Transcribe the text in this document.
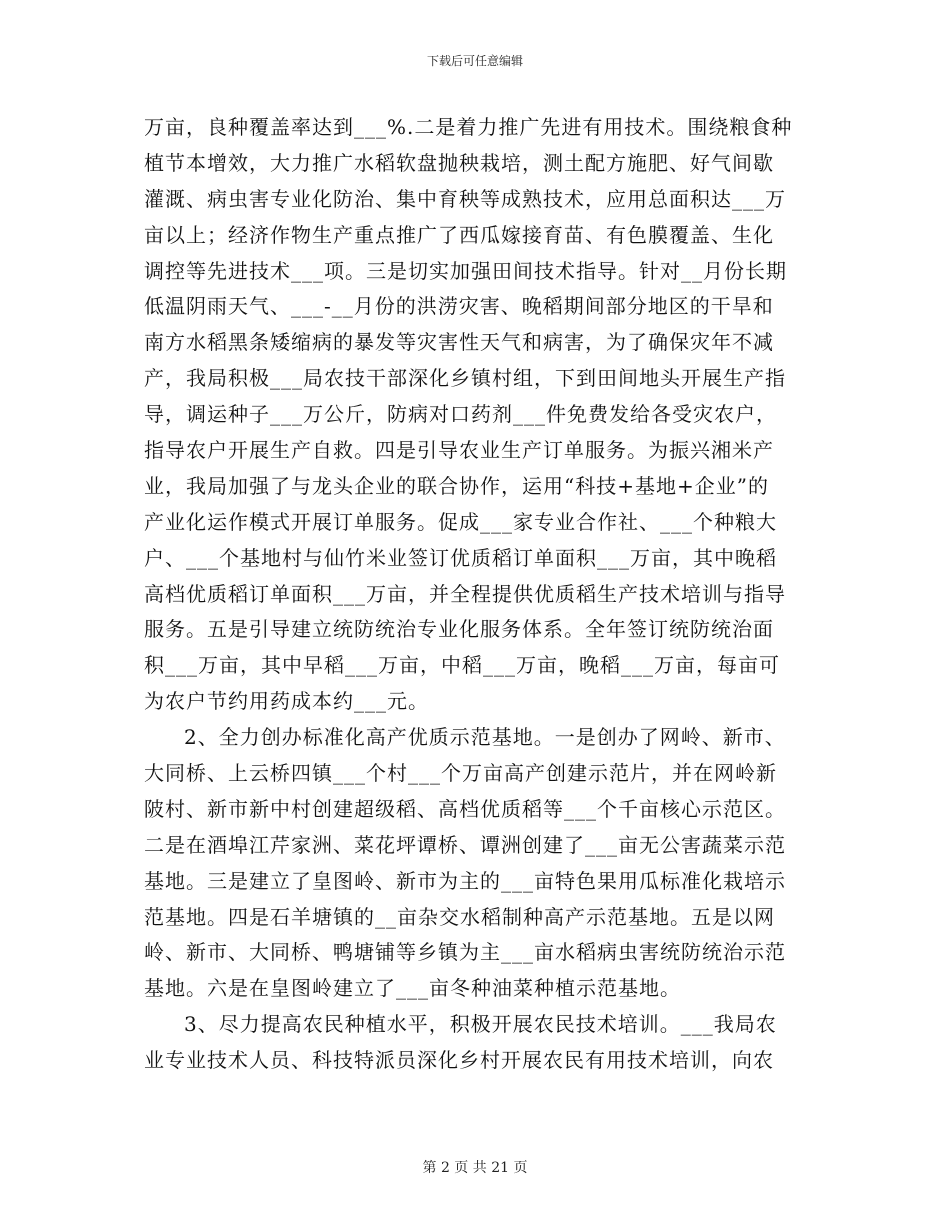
下载后可任意编辑
万亩，良种覆盖率达到___%.二是着力推广先进有用技术。围绕粮食种
植节本增效，大力推广水稻软盘抛秧栽培，测土配方施肥、好气间歇
灌溉、病虫害专业化防治、集中育秧等成熟技术，应用总面积达___万
亩以上；经济作物生产重点推广了西瓜嫁接育苗、有色膜覆盖、生化
调控等先进技术___项。三是切实加强田间技术指导。针对__月份长期
低温阴雨天气、___-__月份的洪涝灾害、晚稻期间部分地区的干旱和
南方水稻黑条矮缩病的暴发等灾害性天气和病害，为了确保灾年不减
产，我局积极___局农技干部深化乡镇村组，下到田间地头开展生产指
导，调运种子___万公斤，防病对口药剂___件免费发给各受灾农户，
指导农户开展生产自救。四是引导农业生产订单服务。为振兴湘米产
业，我局加强了与龙头企业的联合协作，运用“科技+基地+企业”的
产业化运作模式开展订单服务。促成___家专业合作社、___个种粮大
户、___个基地村与仙竹米业签订优质稻订单面积___万亩，其中晚稻
高档优质稻订单面积___万亩，并全程提供优质稻生产技术培训与指导
服务。五是引导建立统防统治专业化服务体系。全年签订统防统治面
积___万亩，其中早稻___万亩，中稻___万亩，晚稻___万亩，每亩可
为农户节约用药成本约___元。
2、全力创办标准化高产优质示范基地。一是创办了网岭、新市、
大同桥、上云桥四镇___个村___个万亩高产创建示范片，并在网岭新
陂村、新市新中村创建超级稻、高档优质稻等___个千亩核心示范区。
二是在酒埠江芹家洲、菜花坪谭桥、谭洲创建了___亩无公害蔬菜示范
基地。三是建立了皇图岭、新市为主的___亩特色果用瓜标准化栽培示
范基地。四是石羊塘镇的__亩杂交水稻制种高产示范基地。五是以网
岭、新市、大同桥、鸭塘铺等乡镇为主___亩水稻病虫害统防统治示范
基地。六是在皇图岭建立了___亩冬种油菜种植示范基地。
3、尽力提高农民种植水平，积极开展农民技术培训。___我局农
业专业技术人员、科技特派员深化乡村开展农民有用技术培训，向农
第 2 页 共 21 页
